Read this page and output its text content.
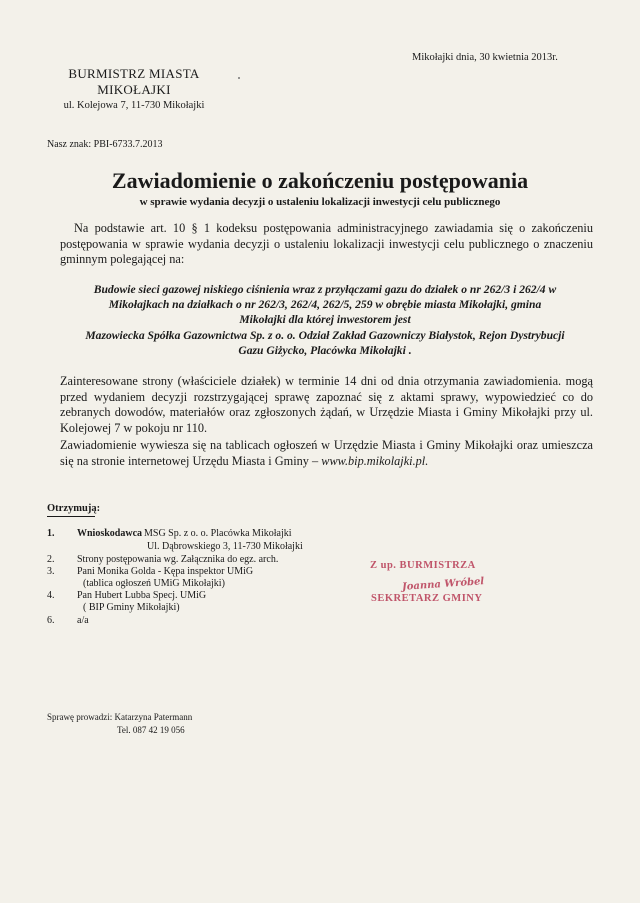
Mikołajki dnia, 30 kwietnia 2013r.
BURMISTRZ MIASTA
MIKOŁAJKI
ul. Kolejowa 7, 11-730 Mikołajki
Nasz znak: PBI-6733.7.2013
Zawiadomienie o zakończeniu postępowania
w sprawie wydania decyzji o ustaleniu lokalizacji inwestycji celu publicznego
Na podstawie art. 10 § 1 kodeksu postępowania administracyjnego zawiadamia się o zakończeniu postępowania w sprawie wydania decyzji o ustaleniu lokalizacji inwestycji celu publicznego o znaczeniu gminnym polegającej na:
Budowie sieci gazowej niskiego ciśnienia wraz z przyłączami gazu do działek o nr 262/3 i 262/4 w
Mikołajkach na działkach o nr 262/3, 262/4, 262/5, 259 w obrębie miasta Mikołajki, gmina
Mikołajki dla której inwestorem jest
Mazowiecka Spółka Gazownictwa Sp. z o. o. Odział Zakład Gazowniczy Białystok, Rejon Dystrybucji
Gazu Giżycko, Placówka Mikołajki .
Zainteresowane strony (właściciele działek) w terminie 14 dni od dnia otrzymania zawiadomienia. mogą przed wydaniem decyzji rozstrzygającej sprawę zapoznać się z aktami sprawy, wypowiedzieć co do zebranych dowodów, materiałów oraz zgłoszonych żądań, w Urzędzie Miasta i Gminy Mikołajki przy ul. Kolejowej 7 w pokoju nr 110.
Zawiadomienie wywiesza się na tablicach ogłoszeń w Urzędzie Miasta i Gminy Mikołajki oraz umieszcza się na stronie internetowej Urzędu Miasta i Gminy – www.bip.mikolajki.pl.
Otrzymują:
1. Wnioskodawca MSG Sp. z o. o. Placówka Mikołajki
Ul. Dąbrowskiego 3, 11-730 Mikołajki
2. Strony postępowania wg. Załącznika do egz. arch.
3. Pani Monika Golda - Kępa inspektor UMiG
(tablica ogłoszeń UMiG Mikołajki)
4. Pan Hubert Lubba Specj. UMiG
( BIP Gminy Mikołajki)
6. a/a
Z up. BURMISTRZA
Joanna Wróbel
SEKRETARZ GMINY
Sprawę prowadzi: Katarzyna Patermann
Tel. 087 42 19 056
